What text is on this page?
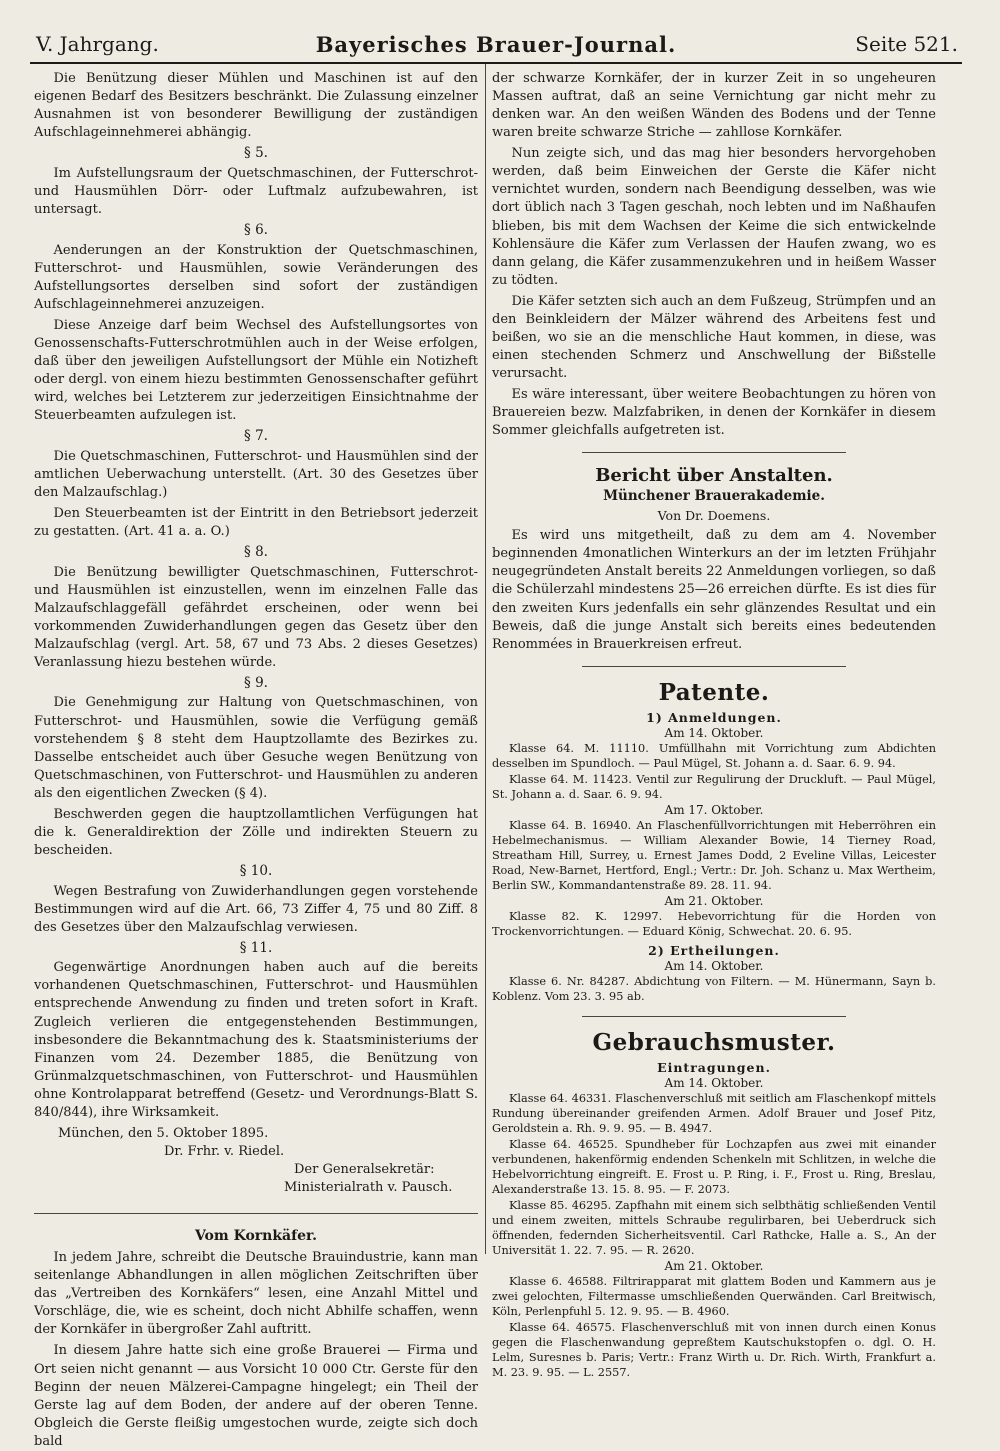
V. Jahrgang.	Bayerisches Brauer-Journal.	Seite 521.

Die Benützung dieser Mühlen und Maschinen ist auf den eigenen Bedarf des Besitzers beschränkt. Die Zulassung einzelner Ausnahmen ist von besonderer Bewilligung der zuständigen Aufschlageinnehmerei abhängig.

§ 5.

Im Aufstellungsraum der Quetschmaschinen, der Futterschrot- und Hausmühlen Dörr- oder Luftmalz aufzubewahren, ist untersagt.

§ 6.

Aenderungen an der Konstruktion der Quetschmaschinen, Futterschrot- und Hausmühlen, sowie Veränderungen des Aufstellungsortes derselben sind sofort der zuständigen Aufschlageinnehmerei anzuzeigen.

Diese Anzeige darf beim Wechsel des Aufstellungsortes von Genossenschafts-Futterschrotmühlen auch in der Weise erfolgen, daß über den jeweiligen Aufstellungsort der Mühle ein Notizheft oder dergl. von einem hiezu bestimmten Genossenschafter geführt wird, welches bei Letzterem zur jederzeitigen Einsichtnahme der Steuerbeamten aufzulegen ist.

§ 7.

Die Quetschmaschinen, Futterschrot- und Hausmühlen sind der amtlichen Ueberwachung unterstellt. (Art. 30 des Gesetzes über den Malzaufschlag.)

Den Steuerbeamten ist der Eintritt in den Betriebsort jederzeit zu gestatten. (Art. 41 a. a. O.)

§ 8.

Die Benützung bewilligter Quetschmaschinen, Futterschrot- und Hausmühlen ist einzustellen, wenn im einzelnen Falle das Malzaufschlaggefäll gefährdet erscheinen, oder wenn bei vorkommenden Zuwiderhandlungen gegen das Gesetz über den Malzaufschlag (vergl. Art. 58, 67 und 73 Abs. 2 dieses Gesetzes) Veranlassung hiezu bestehen würde.

§ 9.

Die Genehmigung zur Haltung von Quetschmaschinen, von Futterschrot- und Hausmühlen, sowie die Verfügung gemäß vorstehendem § 8 steht dem Hauptzollamte des Bezirkes zu. Dasselbe entscheidet auch über Gesuche wegen Benützung von Quetschmaschinen, von Futterschrot- und Hausmühlen zu anderen als den eigentlichen Zwecken (§ 4).

Beschwerden gegen die hauptzollamtlichen Verfügungen hat die k. Generaldirektion der Zölle und indirekten Steuern zu bescheiden.

§ 10.

Wegen Bestrafung von Zuwiderhandlungen gegen vorstehende Bestimmungen wird auf die Art. 66, 73 Ziffer 4, 75 und 80 Ziff. 8 des Gesetzes über den Malzaufschlag verwiesen.

§ 11.

Gegenwärtige Anordnungen haben auch auf die bereits vorhandenen Quetschmaschinen, Futterschrot- und Hausmühlen entsprechende Anwendung zu finden und treten sofort in Kraft. Zugleich verlieren die entgegenstehenden Bestimmungen, insbesondere die Bekanntmachung des k. Staatsministeriums der Finanzen vom 24. Dezember 1885, die Benützung von Grünmalzquetschmaschinen, von Futterschrot- und Hausmühlen ohne Kontrolapparat betreffend (Gesetz- und Verordnungs-Blatt S. 840/844), ihre Wirksamkeit.

München, den 5. Oktober 1895.
Dr. Frhr. v. Riedel.
Der Generalsekretär:
Ministerialrath v. Pausch.
Vom Kornkäfer.

In jedem Jahre, schreibt die Deutsche Brauindustrie, kann man seitenlange Abhandlungen in allen möglichen Zeitschriften über das „Vertreiben des Kornkäfers“ lesen, eine Anzahl Mittel und Vorschläge, die, wie es scheint, doch nicht Abhilfe schaffen, wenn der Kornkäfer in übergroßer Zahl auftritt.

In diesem Jahre hatte sich eine große Brauerei — Firma und Ort seien nicht genannt — aus Vorsicht 10 000 Ctr. Gerste für den Beginn der neuen Mälzerei-Campagne hingelegt; ein Theil der Gerste lag auf dem Boden, der andere auf der oberen Tenne. Obgleich die Gerste fleißig umgestochen wurde, zeigte sich doch bald

der schwarze Kornkäfer, der in kurzer Zeit in so ungeheuren Massen auftrat, daß an seine Vernichtung gar nicht mehr zu denken war. An den weißen Wänden des Bodens und der Tenne waren breite schwarze Striche — zahllose Kornkäfer.

Nun zeigte sich, und das mag hier besonders hervorgehoben werden, daß beim Einweichen der Gerste die Käfer nicht vernichtet wurden, sondern nach Beendigung desselben, was wie dort üblich nach 3 Tagen geschah, noch lebten und im Naßhaufen blieben, bis mit dem Wachsen der Keime die sich entwickelnde Kohlensäure die Käfer zum Verlassen der Haufen zwang, wo es dann gelang, die Käfer zusammenzukehren und in heißem Wasser zu tödten.

Die Käfer setzten sich auch an dem Fußzeug, Strümpfen und an den Beinkleidern der Mälzer während des Arbeitens fest und beißen, wo sie an die menschliche Haut kommen, in diese, was einen stechenden Schmerz und Anschwellung der Bißstelle verursacht.

Es wäre interessant, über weitere Beobachtungen zu hören von Brauereien bezw. Malzfabriken, in denen der Kornkäfer in diesem Sommer gleichfalls aufgetreten ist.

Bericht über Anstalten.
Münchener Brauerakademie.
Von Dr. Doemens.

Es wird uns mitgetheilt, daß zu dem am 4. November beginnenden 4monatlichen Winterkurs an der im letzten Frühjahr neugegründeten Anstalt bereits 22 Anmeldungen vorliegen, so daß die Schülerzahl mindestens 25—26 erreichen dürfte. Es ist dies für den zweiten Kurs jedenfalls ein sehr glänzendes Resultat und ein Beweis, daß die junge Anstalt sich bereits eines bedeutenden Renommées in Brauerkreisen erfreut.

Patente.
1) Anmeldungen.
Am 14. Oktober.

Klasse 64. M. 11110. Umfüllhahn mit Vorrichtung zum Abdichten desselben im Spundloch. — Paul Mügel, St. Johann a. d. Saar. 6. 9. 94.

Klasse 64. M. 11423. Ventil zur Regulirung der Druckluft. — Paul Mügel, St. Johann a. d. Saar. 6. 9. 94.

Am 17. Oktober.

Klasse 64. B. 16940. An Flaschenfüllvorrichtungen mit Heberröhren ein Hebelmechanismus. — William Alexander Bowie, 14 Tierney Road, Streatham Hill, Surrey, u. Ernest James Dodd, 2 Eveline Villas, Leicester Road, New-Barnet, Hertford, Engl.; Vertr.: Dr. Joh. Schanz u. Max Wertheim, Berlin SW., Kommandantenstraße 89. 28. 11. 94.

Am 21. Oktober.

Klasse 82. K. 12997. Hebevorrichtung für die Horden von Trockenvorrichtungen. — Eduard König, Schwechat. 20. 6. 95.

2) Ertheilungen.
Am 14. Oktober.

Klasse 6. Nr. 84287. Abdichtung von Filtern. — M. Hünermann, Sayn b. Koblenz. Vom 23. 3. 95 ab.

Gebrauchsmuster.
Eintragungen.
Am 14. Oktober.

Klasse 64. 46331. Flaschenverschluß mit seitlich am Flaschenkopf mittels Rundung übereinander greifenden Armen. Adolf Brauer und Josef Pitz, Geroldstein a. Rh. 9. 9. 95. — B. 4947.

Klasse 64. 46525. Spundheber für Lochzapfen aus zwei mit einander verbundenen, hakenförmig endenden Schenkeln mit Schlitzen, in welche die Hebelvorrichtung eingreift. E. Frost u. P. Ring, i. F., Frost u. Ring, Breslau, Alexanderstraße 13. 15. 8. 95. — F. 2073.

Klasse 85. 46295. Zapfhahn mit einem sich selbthätig schließenden Ventil und einem zweiten, mittels Schraube regulirbaren, bei Ueberdruck sich öffnenden, federnden Sicherheitsventil. Carl Rathcke, Halle a. S., An der Universität 1. 22. 7. 95. — R. 2620.

Am 21. Oktober.

Klasse 6. 46588. Filtrirapparat mit glattem Boden und Kammern aus je zwei gelochten, Filtermasse umschließenden Querwänden. Carl Breitwisch, Köln, Perlenpfuhl 5. 12. 9. 95. — B. 4960.

Klasse 64. 46575. Flaschenverschluß mit von innen durch einen Konus gegen die Flaschenwandung gepreßtem Kautschukstopfen o. dgl. O. H. Lelm, Suresnes b. Paris; Vertr.: Franz Wirth u. Dr. Rich. Wirth, Frankfurt a. M. 23. 9. 95. — L. 2557.
